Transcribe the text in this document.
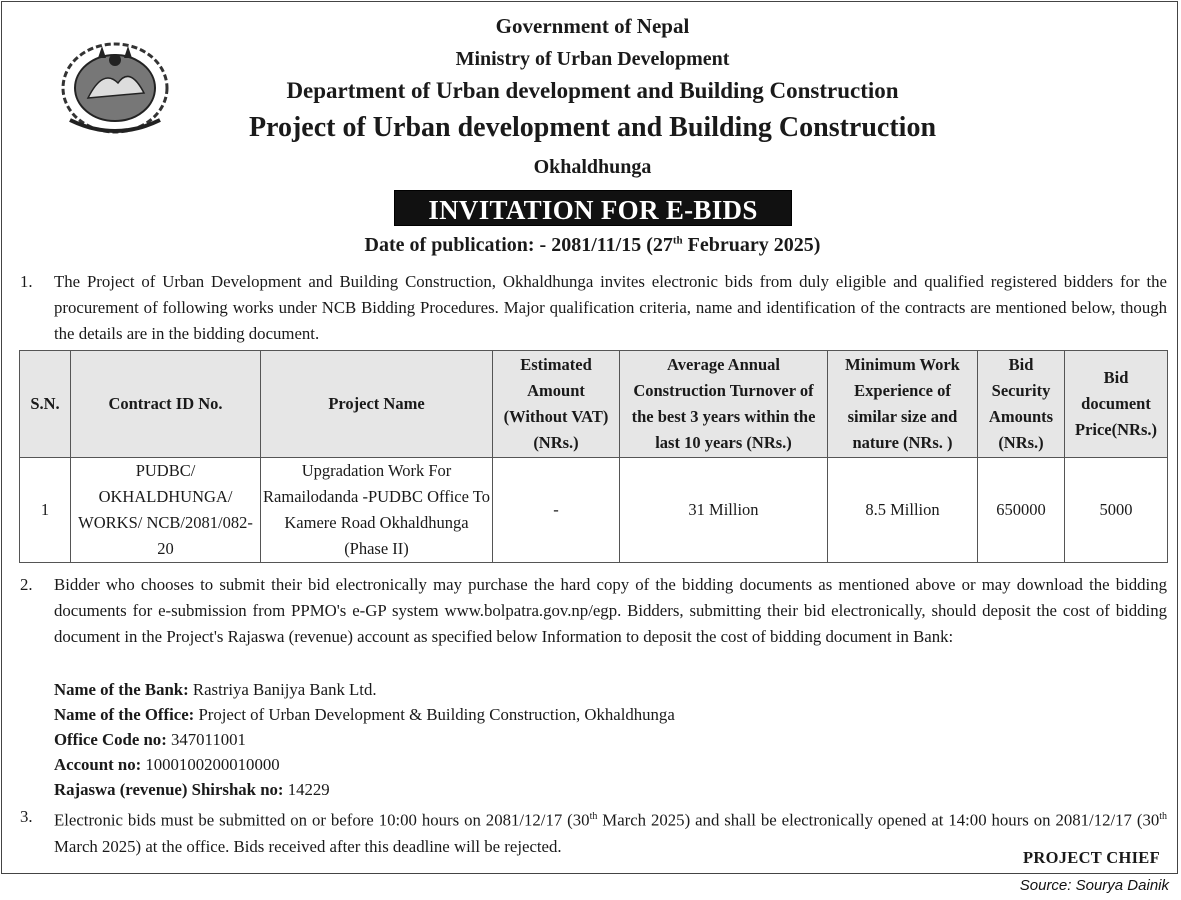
Government of Nepal
Ministry of Urban Development
Department of Urban development and Building Construction
Project of Urban development and Building Construction
Okhaldhunga
INVITATION FOR E-BIDS
Date of publication: - 2081/11/15 (27th February 2025)
1. The Project of Urban Development and Building Construction, Okhaldhunga invites electronic bids from duly eligible and qualified registered bidders for the procurement of following works under NCB Bidding Procedures. Major qualification criteria, name and identification of the contracts are mentioned below, though the details are in the bidding document.
S.N.	Contract ID No.	Project Name	Estimated Amount (Without VAT) (NRs.)	Average Annual Construction Turnover of the best 3 years within the last 10 years (NRs.)	Minimum Work Experience of similar size and nature (NRs. )	Bid Security Amounts (NRs.)	Bid document Price(NRs.)
1	PUDBC/ OKHALDHUNGA/ WORKS/ NCB/2081/082-20	Upgradation Work For Ramailodanda -PUDBC Office To Kamere Road Okhaldhunga (Phase II)	-	31 Million	8.5 Million	650000	5000
2. Bidder who chooses to submit their bid electronically may purchase the hard copy of the bidding documents as mentioned above or may download the bidding documents for e-submission from PPMO's e-GP system www.bolpatra.gov.np/egp. Bidders, submitting their bid electronically, should deposit the cost of bidding document in the Project's Rajaswa (revenue) account as specified below Information to deposit the cost of bidding document in Bank:
Name of the Bank: Rastriya Banijya Bank Ltd.
Name of the Office: Project of Urban Development & Building Construction, Okhaldhunga
Office Code no: 347011001
Account no: 1000100200010000
Rajaswa (revenue) Shirshak no: 14229
3. Electronic bids must be submitted on or before 10:00 hours on 2081/12/17 (30th March 2025) and shall be electronically opened at 14:00 hours on 2081/12/17 (30th March 2025) at the office. Bids received after this deadline will be rejected.
PROJECT CHIEF
Source: Sourya Dainik
